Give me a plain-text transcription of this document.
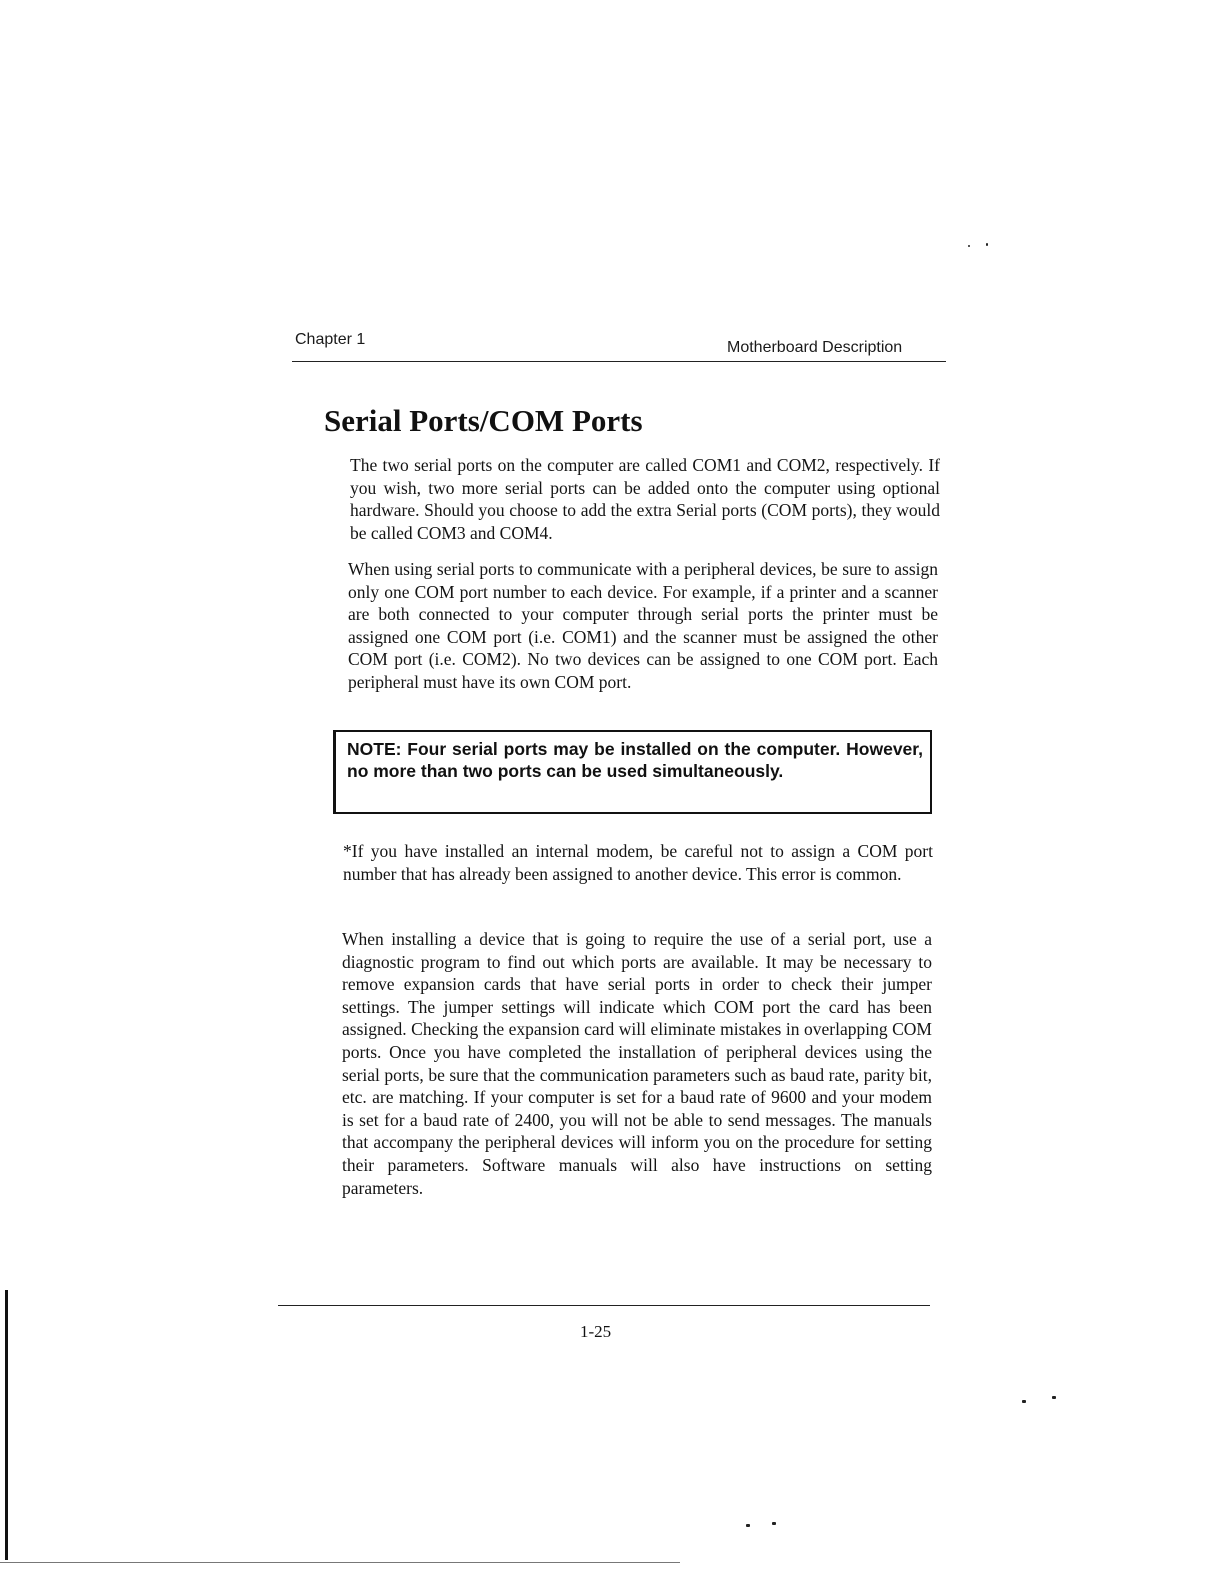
Chapter 1	Motherboard Description
Serial Ports/COM Ports

The two serial ports on the computer are called COM1 and COM2, respectively. If you wish, two more serial ports can be added onto the computer using optional hardware. Should you choose to add the extra Serial ports (COM ports), they would be called COM3 and COM4.

When using serial ports to communicate with a peripheral devices, be sure to assign only one COM port number to each device. For example, if a printer and a scanner are both connected to your computer through serial ports the printer must be assigned one COM port (i.e. COM1) and the scanner must be assigned the other COM port (i.e. COM2). No two devices can be assigned to one COM port. Each peripheral must have its own COM port.

NOTE: Four serial ports may be installed on the computer. However, no more than two ports can be used simultaneously.

*If you have installed an internal modem, be careful not to assign a COM port number that has already been assigned to another device. This error is common.

When installing a device that is going to require the use of a serial port, use a diagnostic program to find out which ports are available. It may be necessary to remove expansion cards that have serial ports in order to check their jumper settings. The jumper settings will indicate which COM port the card has been assigned. Checking the expansion card will eliminate mistakes in overlapping COM ports. Once you have completed the installation of peripheral devices using the serial ports, be sure that the communication parameters such as baud rate, parity bit, etc. are matching. If your computer is set for a baud rate of 9600 and your modem is set for a baud rate of 2400, you will not be able to send messages. The manuals that accompany the peripheral devices will inform you on the procedure for setting their parameters. Software manuals will also have instructions on setting parameters.

1-25
